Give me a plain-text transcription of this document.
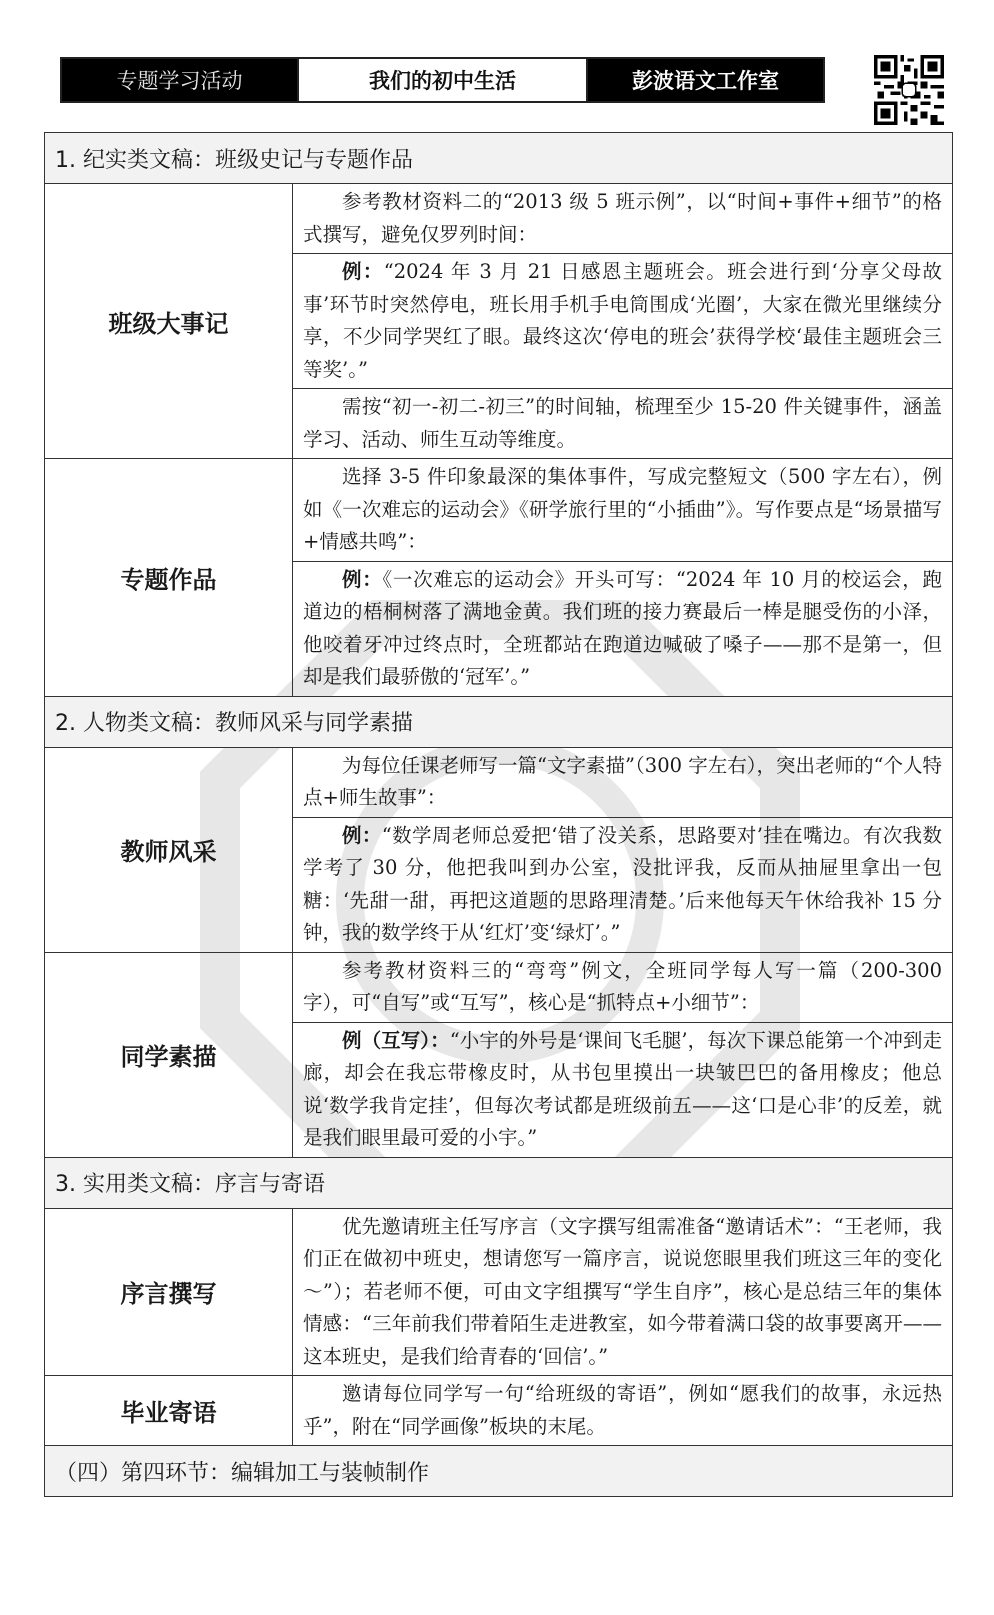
专题学习活动	我们的初中生活	彭波语文工作室
1. 纪实类文稿：班级史记与专题作品	
班级大事记	参考教材资料二的“2013 级 5 班示例”，以“时间+事件+细节”的格式撰写，避免仅罗列时间：
	例：“2024 年 3 月 21 日感恩主题班会。班会进行到‘分享父母故事’环节时突然停电，班长用手机手电筒围成‘光圈’，大家在微光里继续分享，不少同学哭红了眼。最终这次‘停电的班会’获得学校‘最佳主题班会三等奖’。”
	需按“初一-初二-初三”的时间轴，梳理至少 15-20 件关键事件，涵盖学习、活动、师生互动等维度。
专题作品	选择 3-5 件印象最深的集体事件，写成完整短文（500 字左右），例如《一次难忘的运动会》《研学旅行里的“小插曲”》。写作要点是“场景描写+情感共鸣”：
	例：《一次难忘的运动会》开头可写：“2024 年 10 月的校运会，跑道边的梧桐树落了满地金黄。我们班的接力赛最后一棒是腿受伤的小泽，他咬着牙冲过终点时，全班都站在跑道边喊破了嗓子——那不是第一，但却是我们最骄傲的‘冠军’。”
2. 人物类文稿：教师风采与同学素描	
教师风采	为每位任课老师写一篇“文字素描”（300 字左右），突出老师的“个人特点+师生故事”：
	例：“数学周老师总爱把‘错了没关系，思路要对’挂在嘴边。有次我数学考了 30 分，他把我叫到办公室，没批评我，反而从抽屉里拿出一包糖：‘先甜一甜，再把这道题的思路理清楚。’后来他每天午休给我补 15 分钟，我的数学终于从‘红灯’变‘绿灯’。”
同学素描	参考教材资料三的“弯弯”例文，全班同学每人写一篇（200-300 字），可“自写”或“互写”，核心是“抓特点+小细节”：
	例（互写）：“小宇的外号是‘课间飞毛腿’，每次下课总能第一个冲到走廊，却会在我忘带橡皮时，从书包里摸出一块皱巴巴的备用橡皮；他总说‘数学我肯定挂’，但每次考试都是班级前五——这‘口是心非’的反差，就是我们眼里最可爱的小宇。”
3. 实用类文稿：序言与寄语	
序言撰写	优先邀请班主任写序言（文字撰写组需准备“邀请话术”：“王老师，我们正在做初中班史，想请您写一篇序言，说说您眼里我们班这三年的变化～”）；若老师不便，可由文字组撰写“学生自序”，核心是总结三年的集体情感：“三年前我们带着陌生走进教室，如今带着满口袋的故事要离开——这本班史，是我们给青春的‘回信’。”
毕业寄语	邀请每位同学写一句“给班级的寄语”，例如“愿我们的故事，永远热乎”，附在“同学画像”板块的末尾。
（四）第四环节：编辑加工与装帧制作	
